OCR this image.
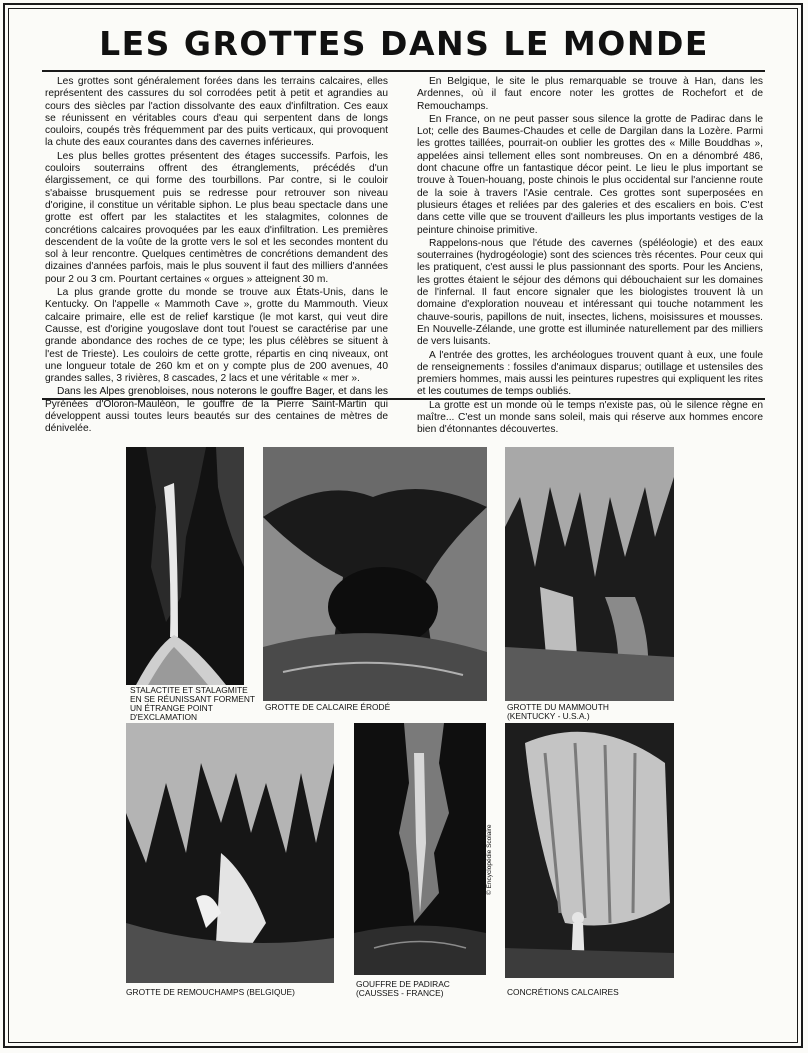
LES GROTTES DANS LE MONDE

Les grottes sont généralement forées dans les terrains calcaires, elles représentent des cassures du sol corrodées petit à petit et agrandies au cours des siècles par l'action dissolvante des eaux d'infiltration. Ces eaux se réunissent en véritables cours d'eau qui serpentent dans de longs couloirs, coupés très fréquemment par des puits verticaux, qui provoquent la chute des eaux courantes dans des cavernes inférieures.

Les plus belles grottes présentent des étages successifs. Parfois, les couloirs souterrains offrent des étranglements, précédés d'un élargissement, ce qui forme des tourbillons. Par contre, si le couloir s'abaisse brusquement puis se redresse pour retrouver son niveau d'origine, il constitue un véritable siphon. Le plus beau spectacle dans une grotte est offert par les stalactites et les stalagmites, colonnes de concrétions calcaires provoquées par les eaux d'infiltration. Les premières descendent de la voûte de la grotte vers le sol et les secondes montent du sol à leur rencontre. Quelques centimètres de concrétions demandent des dizaines d'années parfois, mais le plus souvent il faut des milliers d'années pour 2 ou 3 cm. Pourtant certaines « orgues » atteignent 30 m.

La plus grande grotte du monde se trouve aux États-Unis, dans le Kentucky. On l'appelle « Mammoth Cave », grotte du Mammouth. Vieux calcaire primaire, elle est de relief karstique (le mot karst, qui veut dire Causse, est d'origine yougoslave dont tout l'ouest se caractérise par une grande abondance des roches de ce type; les plus célèbres se situent à l'est de Trieste). Les couloirs de cette grotte, répartis en cinq niveaux, ont une longueur totale de 260 km et on y compte plus de 200 avenues, 40 grandes salles, 3 rivières, 8 cascades, 2 lacs et une véritable « mer ».

Dans les Alpes grenobloises, nous noterons le gouffre Bager, et dans les Pyrénées d'Oloron-Mauléon, le gouffre de la Pierre Saint-Martin qui développent aussi toutes leurs beautés sur des centaines de mètres de dénivelée.

En Belgique, le site le plus remarquable se trouve à Han, dans les Ardennes, où il faut encore noter les grottes de Rochefort et de Remouchamps.

En France, on ne peut passer sous silence la grotte de Padirac dans le Lot; celle des Baumes-Chaudes et celle de Dargilan dans la Lozère. Parmi les grottes taillées, pourrait-on oublier les grottes des « Mille Bouddhas », appelées ainsi tellement elles sont nombreuses. On en a dénombré 486, dont chacune offre un fantastique décor peint. Le lieu le plus important se trouve à Touen-houang, poste chinois le plus occidental sur l'ancienne route de la soie à travers l'Asie centrale. Ces grottes sont superposées en plusieurs étages et reliées par des galeries et des escaliers en bois. C'est dans cette ville que se trouvent d'ailleurs les plus importants vestiges de la peinture chinoise primitive.

Rappelons-nous que l'étude des cavernes (spéléologie) et des eaux souterraines (hydrogéologie) sont des sciences très récentes. Pour ceux qui les pratiquent, c'est aussi le plus passionnant des sports. Pour les Anciens, les grottes étaient le séjour des démons qui débouchaient sur les domaines de l'infernal. Il faut encore signaler que les biologistes trouvent là un domaine d'exploration nouveau et intéressant qui touche notamment les chauve-souris, papillons de nuit, insectes, lichens, moisissures et mousses. En Nouvelle-Zélande, une grotte est illuminée naturellement par des milliers de vers luisants.

A l'entrée des grottes, les archéologues trouvent quant à eux, une foule de renseignements : fossiles d'animaux disparus; outillage et ustensiles des premiers hommes, mais aussi les peintures rupestres qui expliquent les rites et les coutumes de temps oubliés.

La grotte est un monde où le temps n'existe pas, où le silence règne en maître... C'est un monde sans soleil, mais qui réserve aux hommes encore bien d'étonnantes découvertes.

STALACTITE ET STALAGMITE
EN SE RÉUNISSANT FORMENT
UN ÉTRANGE POINT
D'EXCLAMATION
GROTTE DE CALCAIRE ÉRODÉ	GROTTE DU MAMMOUTH
(KENTUCKY - U.S.A.)
GROTTE DE REMOUCHAMPS (BELGIQUE)
GOUFFRE DE PADIRAC
(CAUSSES - FRANCE)
© Encyclopédie Scolaire
CONCRÉTIONS CALCAIRES
